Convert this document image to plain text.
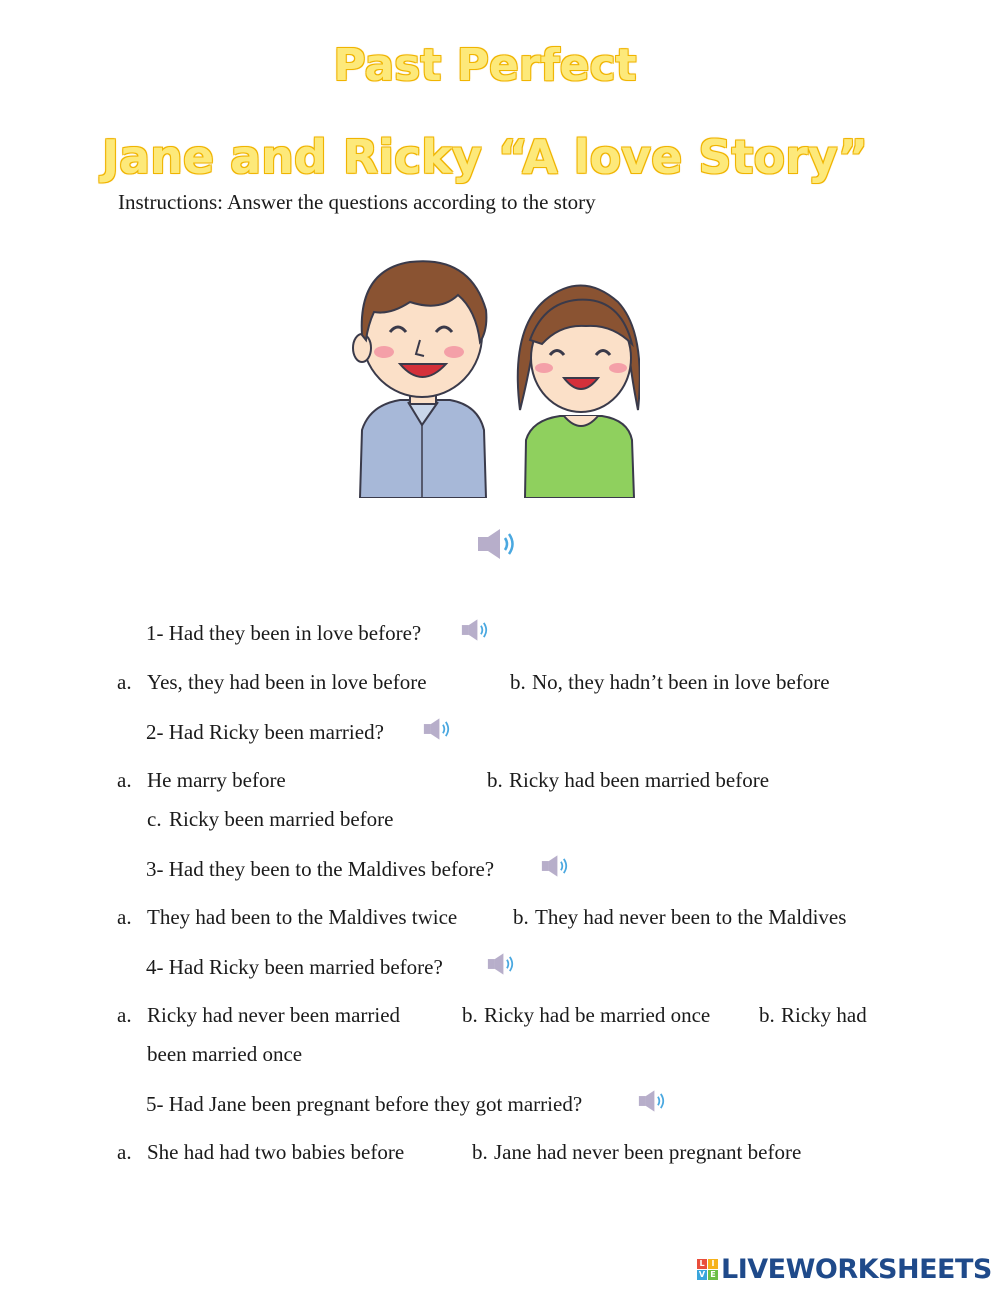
Past Perfect
Jane and Ricky “A love Story”
Instructions: Answer the questions according to the story
1- Had they been in love before?
a. Yes, they had been in love before	b. No, they hadn’t been in love before
2- Had Ricky been married?
a. He marry before	b. Ricky had been married before
c. Ricky been married before
3- Had they been to the Maldives before?
a. They had been to the Maldives twice	b. They had never been to the Maldives
4- Had Ricky been married before?
a. Ricky had never been married	b. Ricky had be married once b. Ricky had
been married once
5- Had Jane been pregnant before they got married?
a. She had had two babies before	b. Jane had never been pregnant before
L I
V E LIVEWORKSHEETS
